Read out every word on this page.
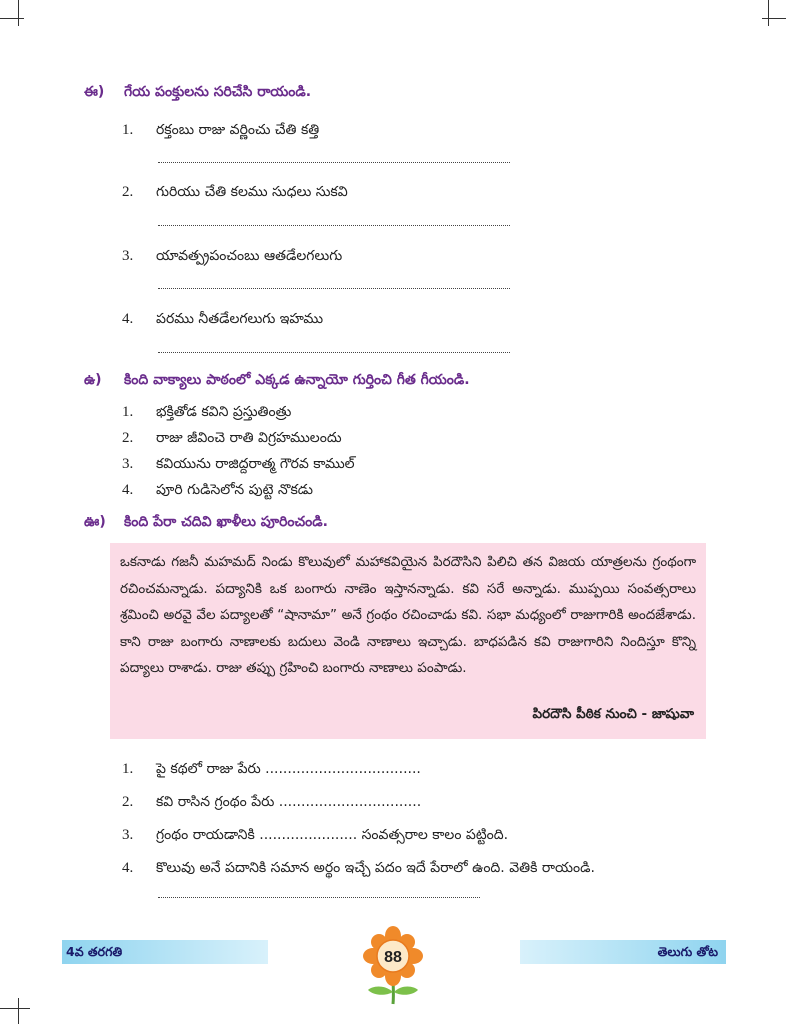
ఈ) గేయ పంక్తులను సరిచేసి రాయండి.
1. రక్తంబు రాజు వర్ణించు చేతి కత్తి
2. గురియు చేతి కలము సుధలు సుకవి
3. యావత్ప్రపంచంబు ఆతడేలగలుగు
4. పరము నీతడేలగలుగు ఇహము
ఉ) కింది వాక్యాలు పాఠంలో ఎక్కడ ఉన్నాయో గుర్తించి గీత గీయండి.
1. భక్తితోడ కవిని ప్రస్తుతింత్రు
2. రాజు జీవించె రాతి విగ్రహములందు
3. కవియును రాజిద్దరాత్మ గౌరవ కాముల్
4. పూరి గుడిసెలోన పుట్టె నొకడు
ఊ) కింది పేరా చదివి ఖాళీలు పూరించండి.

ఒకనాడు గజనీ మహమద్ నిండు కొలువులో మహాకవియైన పిరదౌసిని పిలిచి తన విజయ యాత్రలను గ్రంథంగా రచించమన్నాడు. పద్యానికి ఒక బంగారు నాణెం ఇస్తానన్నాడు. కవి సరే అన్నాడు. ముప్పయి సంవత్సరాలు శ్రమించి అరవై వేల పద్యాలతో “షానామా” అనే గ్రంథం రచించాడు కవి. సభా మధ్యంలో రాజుగారికి అందజేశాడు. కాని రాజు బంగారు నాణాలకు బదులు వెండి నాణాలు ఇచ్చాడు. బాధపడిన కవి రాజుగారిని నిందిస్తూ కొన్ని పద్యాలు రాశాడు. రాజు తప్పు గ్రహించి బంగారు నాణాలు పంపాడు.

పిరదౌసి పీఠిక నుంచి - జాషువా
1. పై కథలో రాజు పేరు ...................................
2. కవి రాసిన గ్రంథం పేరు ................................
3. గ్రంథం రాయడానికి ...................... సంవత్సరాల కాలం పట్టింది.
4. కొలువు అనే పదానికి సమాన అర్థం ఇచ్చే పదం ఇదే పేరాలో ఉంది. వెతికి రాయండి.
4వ తరగతి	తెలుగు తోట
88
